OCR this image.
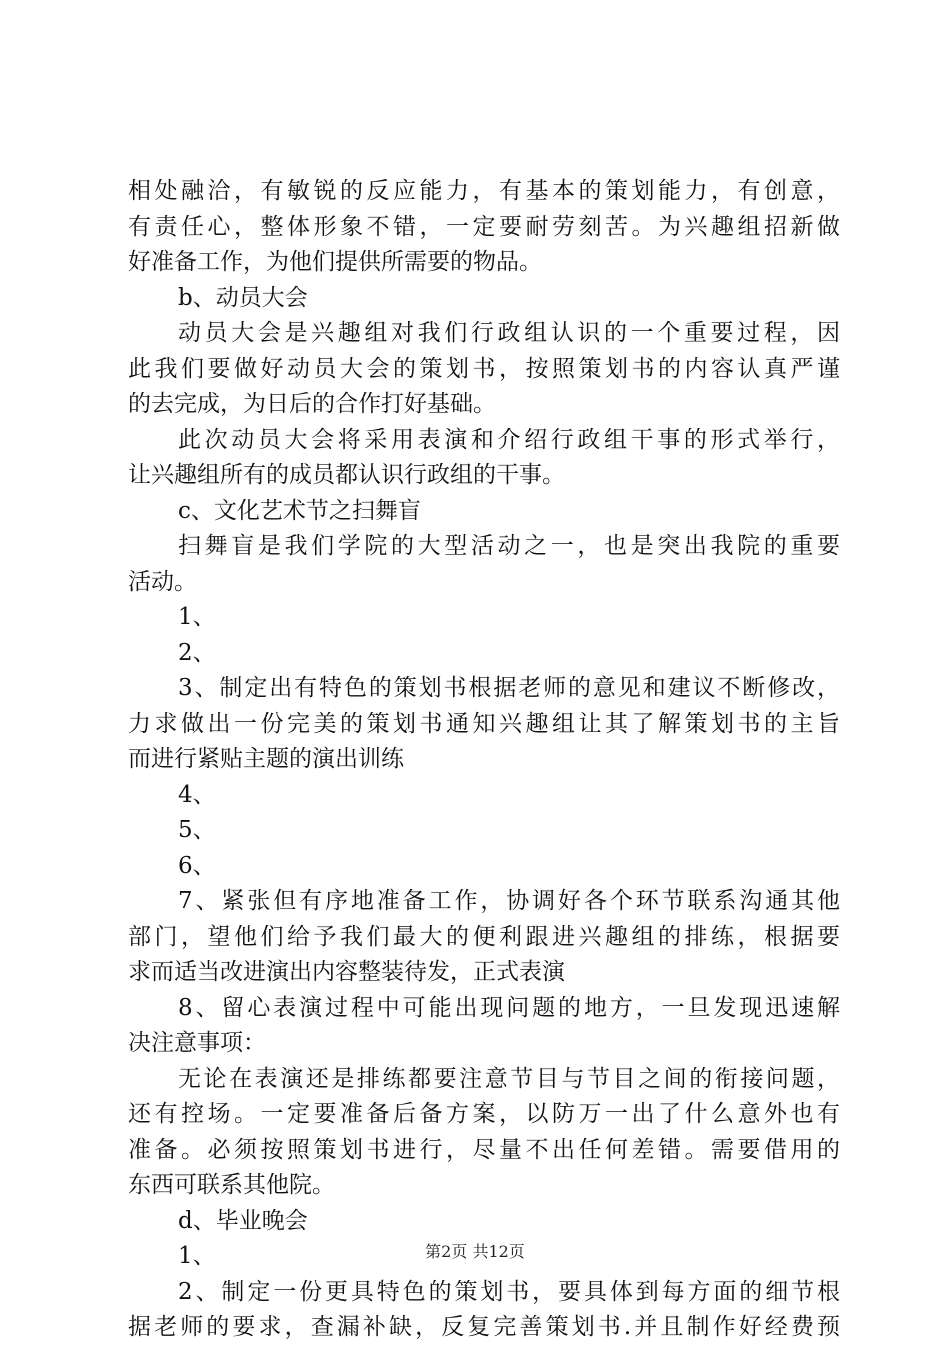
相处融洽，有敏锐的反应能力，有基本的策划能力，有创意，
有责任心，整体形象不错，一定要耐劳刻苦。为兴趣组招新做
好准备工作，为他们提供所需要的物品。
b、动员大会
动员大会是兴趣组对我们行政组认识的一个重要过程，因
此我们要做好动员大会的策划书，按照策划书的内容认真严谨
的去完成，为日后的合作打好基础。
此次动员大会将采用表演和介绍行政组干事的形式举行，
让兴趣组所有的成员都认识行政组的干事。
c、文化艺术节之扫舞盲
扫舞盲是我们学院的大型活动之一，也是突出我院的重要
活动。
1、
2、
3、制定出有特色的策划书根据老师的意见和建议不断修改，
力求做出一份完美的策划书通知兴趣组让其了解策划书的主旨
而进行紧贴主题的演出训练
4、
5、
6、
7、紧张但有序地准备工作，协调好各个环节联系沟通其他
部门，望他们给予我们最大的便利跟进兴趣组的排练，根据要
求而适当改进演出内容整装待发，正式表演
8、留心表演过程中可能出现问题的地方，一旦发现迅速解
决注意事项：
无论在表演还是排练都要注意节目与节目之间的衔接问题，
还有控场。一定要准备后备方案，以防万一出了什么意外也有
准备。必须按照策划书进行，尽量不出任何差错。需要借用的
东西可联系其他院。
d、毕业晚会
1、
2、制定一份更具特色的策划书，要具体到每方面的细节根
据老师的要求，查漏补缺，反复完善策划书.并且制作好经费预
第2页 共12页
